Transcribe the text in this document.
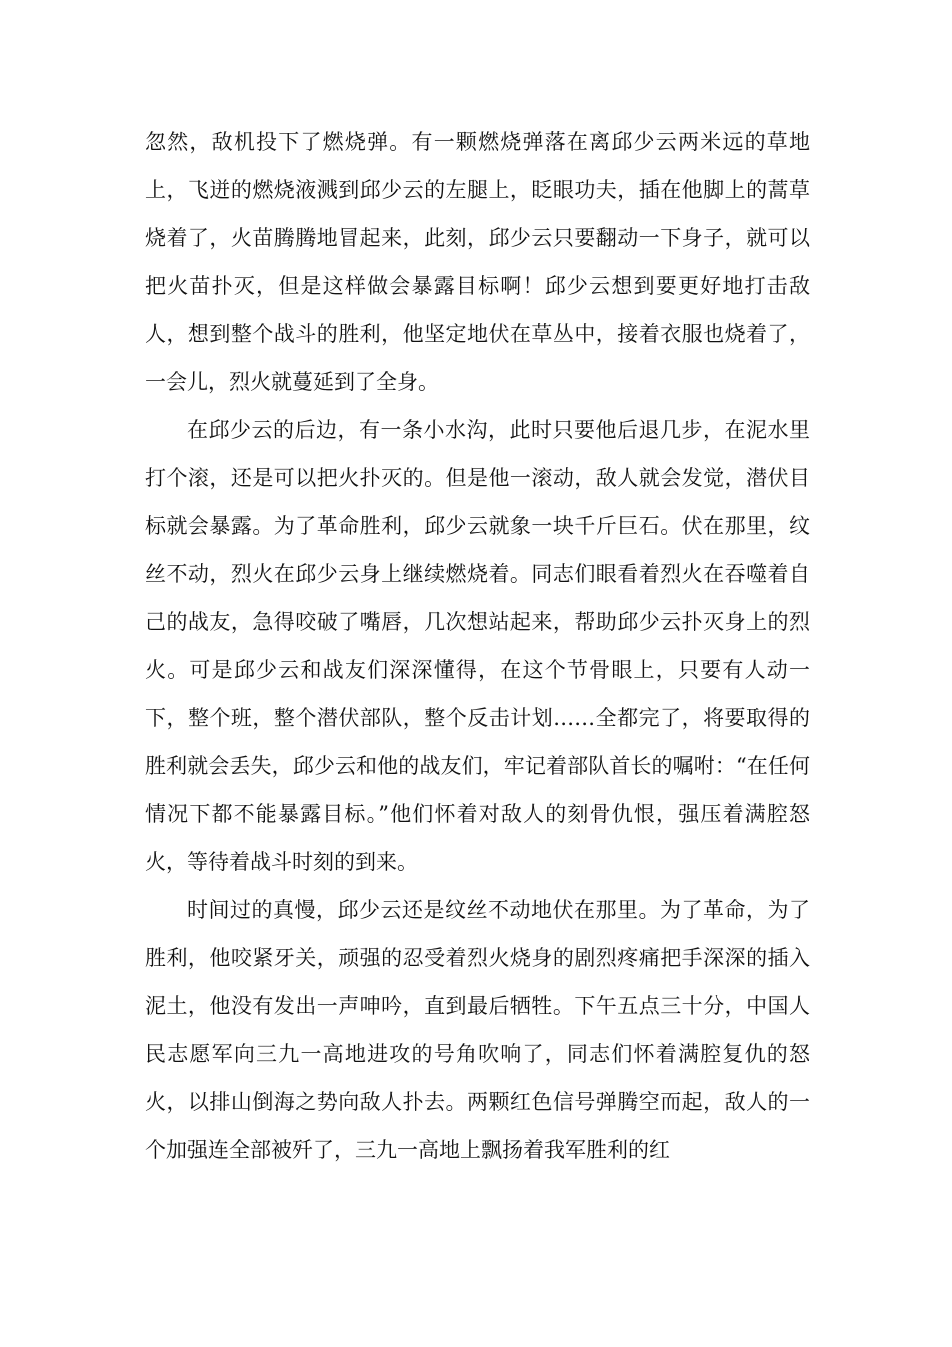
忽然，敌机投下了燃烧弹。有一颗燃烧弹落在离邱少云两米远的草地上，飞迸的燃烧液溅到邱少云的左腿上，眨眼功夫，插在他脚上的蒿草烧着了，火苗腾腾地冒起来，此刻，邱少云只要翻动一下身子，就可以把火苗扑灭，但是这样做会暴露目标啊！邱少云想到要更好地打击敌人，想到整个战斗的胜利，他坚定地伏在草丛中，接着衣服也烧着了，一会儿，烈火就蔓延到了全身。

在邱少云的后边，有一条小水沟，此时只要他后退几步，在泥水里打个滚，还是可以把火扑灭的。但是他一滚动，敌人就会发觉，潜伏目标就会暴露。为了革命胜利，邱少云就象一块千斤巨石。伏在那里，纹丝不动，烈火在邱少云身上继续燃烧着。同志们眼看着烈火在吞噬着自己的战友，急得咬破了嘴唇，几次想站起来，帮助邱少云扑灭身上的烈火。可是邱少云和战友们深深懂得，在这个节骨眼上，只要有人动一下，整个班，整个潜伏部队，整个反击计划……全都完了，将要取得的胜利就会丢失，邱少云和他的战友们，牢记着部队首长的嘱咐：“在任何情况下都不能暴露目标。”他们怀着对敌人的刻骨仇恨，强压着满腔怒火，等待着战斗时刻的到来。

时间过的真慢，邱少云还是纹丝不动地伏在那里。为了革命，为了胜利，他咬紧牙关，顽强的忍受着烈火烧身的剧烈疼痛把手深深的插入泥土，他没有发出一声呻吟，直到最后牺牲。下午五点三十分，中国人民志愿军向三九一高地进攻的号角吹响了，同志们怀着满腔复仇的怒火，以排山倒海之势向敌人扑去。两颗红色信号弹腾空而起，敌人的一个加强连全部被歼了，三九一高地上飘扬着我军胜利的红
